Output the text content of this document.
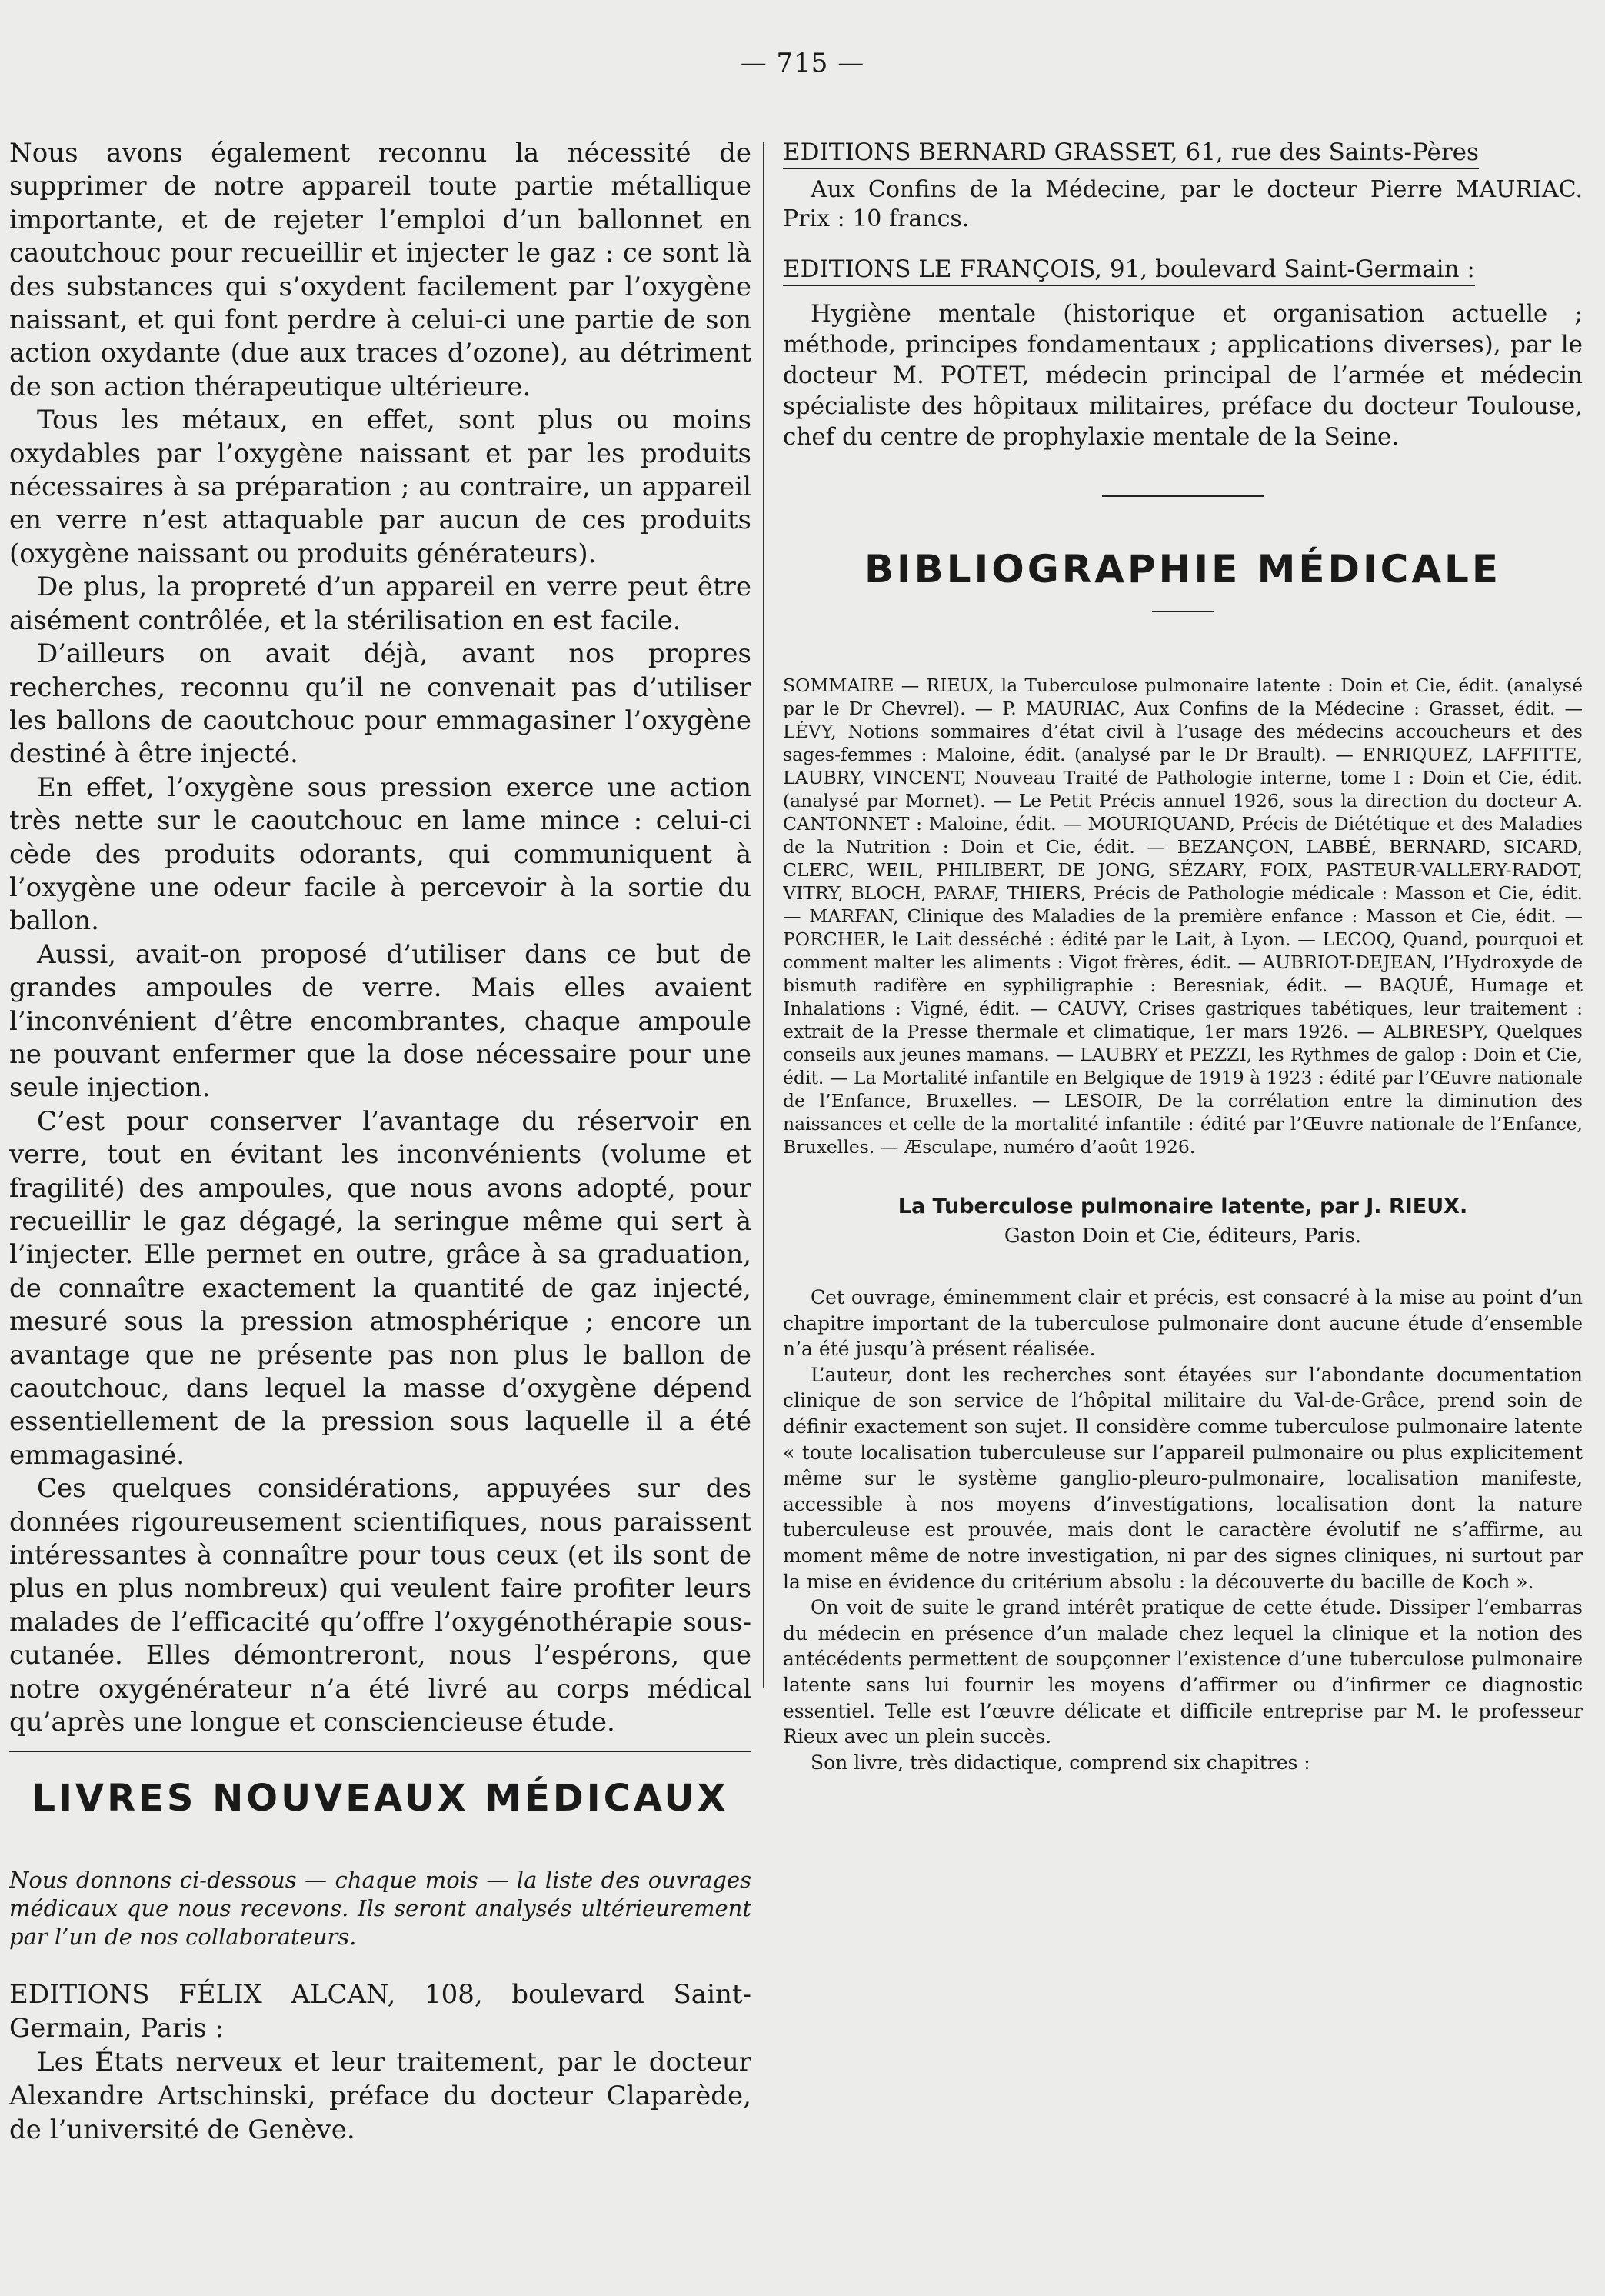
— 715 —

Nous avons également reconnu la nécessité de supprimer de notre appareil toute partie métallique importante, et de rejeter l’emploi d’un ballonnet en caoutchouc pour recueillir et injecter le gaz : ce sont là des substances qui s’oxydent facilement par l’oxygène naissant, et qui font perdre à celui-ci une partie de son action oxydante (due aux traces d’ozone), au détriment de son action thérapeutique ultérieure.

Tous les métaux, en effet, sont plus ou moins oxydables par l’oxygène naissant et par les produits nécessaires à sa préparation ; au contraire, un appareil en verre n’est attaquable par aucun de ces produits (oxygène naissant ou produits générateurs).

De plus, la propreté d’un appareil en verre peut être aisément contrôlée, et la stérilisation en est facile.

D’ailleurs on avait déjà, avant nos propres recherches, reconnu qu’il ne convenait pas d’utiliser les ballons de caoutchouc pour emmagasiner l’oxygène destiné à être injecté.

En effet, l’oxygène sous pression exerce une action très nette sur le caoutchouc en lame mince : celui-ci cède des produits odorants, qui communiquent à l’oxygène une odeur facile à percevoir à la sortie du ballon.

Aussi, avait-on proposé d’utiliser dans ce but de grandes ampoules de verre. Mais elles avaient l’inconvénient d’être encombrantes, chaque ampoule ne pouvant enfermer que la dose nécessaire pour une seule injection.

C’est pour conserver l’avantage du réservoir en verre, tout en évitant les inconvénients (volume et fragilité) des ampoules, que nous avons adopté, pour recueillir le gaz dégagé, la seringue même qui sert à l’injecter. Elle permet en outre, grâce à sa graduation, de connaître exactement la quantité de gaz injecté, mesuré sous la pression atmosphérique ; encore un avantage que ne présente pas non plus le ballon de caoutchouc, dans lequel la masse d’oxygène dépend essentiellement de la pression sous laquelle il a été emmagasiné.

Ces quelques considérations, appuyées sur des données rigoureusement scientifiques, nous paraissent intéressantes à connaître pour tous ceux (et ils sont de plus en plus nombreux) qui veulent faire profiter leurs malades de l’efficacité qu’offre l’oxygénothérapie sous-cutanée. Elles démontreront, nous l’espérons, que notre oxygénérateur n’a été livré au corps médical qu’après une longue et consciencieuse étude.

LIVRES NOUVEAUX MÉDICAUX

Nous donnons ci-dessous — chaque mois — la liste des ouvrages médicaux que nous recevons. Ils seront analysés ultérieurement par l’un de nos collaborateurs.

EDITIONS FÉLIX ALCAN, 108, boulevard Saint-Germain, Paris :

Les États nerveux et leur traitement, par le docteur Alexandre Artschinski, préface du docteur Claparède, de l’université de Genève.

EDITIONS BERNARD GRASSET, 61, rue des Saints-Pères

Aux Confins de la Médecine, par le docteur Pierre MAURIAC. Prix : 10 francs.

EDITIONS LE FRANÇOIS, 91, boulevard Saint-Germain :

Hygiène mentale (historique et organisation actuelle ; méthode, principes fondamentaux ; applications diverses), par le docteur M. POTET, médecin principal de l’armée et médecin spécialiste des hôpitaux militaires, préface du docteur Toulouse, chef du centre de prophylaxie mentale de la Seine.

BIBLIOGRAPHIE MÉDICALE

SOMMAIRE — RIEUX, la Tuberculose pulmonaire latente : Doin et Cie, édit. (analysé par le Dr Chevrel). — P. MAURIAC, Aux Confins de la Médecine : Grasset, édit. — LÉVY, Notions sommaires d’état civil à l’usage des médecins accoucheurs et des sages-femmes : Maloine, édit. (analysé par le Dr Brault). — ENRIQUEZ, LAFFITTE, LAUBRY, VINCENT, Nouveau Traité de Pathologie interne, tome I : Doin et Cie, édit. (analysé par Mornet). — Le Petit Précis annuel 1926, sous la direction du docteur A. CANTONNET : Maloine, édit. — MOURIQUAND, Précis de Diététique et des Maladies de la Nutrition : Doin et Cie, édit. — BEZANÇON, LABBÉ, BERNARD, SICARD, CLERC, WEIL, PHILIBERT, DE JONG, SÉZARY, FOIX, PASTEUR-VALLERY-RADOT, VITRY, BLOCH, PARAF, THIERS, Précis de Pathologie médicale : Masson et Cie, édit. — MARFAN, Clinique des Maladies de la première enfance : Masson et Cie, édit. — PORCHER, le Lait desséché : édité par le Lait, à Lyon. — LECOQ, Quand, pourquoi et comment malter les aliments : Vigot frères, édit. — AUBRIOT-DEJEAN, l’Hydroxyde de bismuth radifère en syphiligraphie : Beresniak, édit. — BAQUÉ, Humage et Inhalations : Vigné, édit. — CAUVY, Crises gastriques tabétiques, leur traitement : extrait de la Presse thermale et climatique, 1er mars 1926. — ALBRESPY, Quelques conseils aux jeunes mamans. — LAUBRY et PEZZI, les Rythmes de galop : Doin et Cie, édit. — La Mortalité infantile en Belgique de 1919 à 1923 : édité par l’Œuvre nationale de l’Enfance, Bruxelles. — LESOIR, De la corrélation entre la diminution des naissances et celle de la mortalité infantile : édité par l’Œuvre nationale de l’Enfance, Bruxelles. — Æsculape, numéro d’août 1926.

La Tuberculose pulmonaire latente, par J. RIEUX.
Gaston Doin et Cie, éditeurs, Paris.

Cet ouvrage, éminemment clair et précis, est consacré à la mise au point d’un chapitre important de la tuberculose pulmonaire dont aucune étude d’ensemble n’a été jusqu’à présent réalisée.

L’auteur, dont les recherches sont étayées sur l’abondante documentation clinique de son service de l’hôpital militaire du Val-de-Grâce, prend soin de définir exactement son sujet. Il considère comme tuberculose pulmonaire latente « toute localisation tuberculeuse sur l’appareil pulmonaire ou plus explicitement même sur le système ganglio-pleuro-pulmonaire, localisation manifeste, accessible à nos moyens d’investigations, localisation dont la nature tuberculeuse est prouvée, mais dont le caractère évolutif ne s’affirme, au moment même de notre investigation, ni par des signes cliniques, ni surtout par la mise en évidence du critérium absolu : la découverte du bacille de Koch ».

On voit de suite le grand intérêt pratique de cette étude. Dissiper l’embarras du médecin en présence d’un malade chez lequel la clinique et la notion des antécédents permettent de soupçonner l’existence d’une tuberculose pulmonaire latente sans lui fournir les moyens d’affirmer ou d’infirmer ce diagnostic essentiel. Telle est l’œuvre délicate et difficile entreprise par M. le professeur Rieux avec un plein succès.

Son livre, très didactique, comprend six chapitres :
